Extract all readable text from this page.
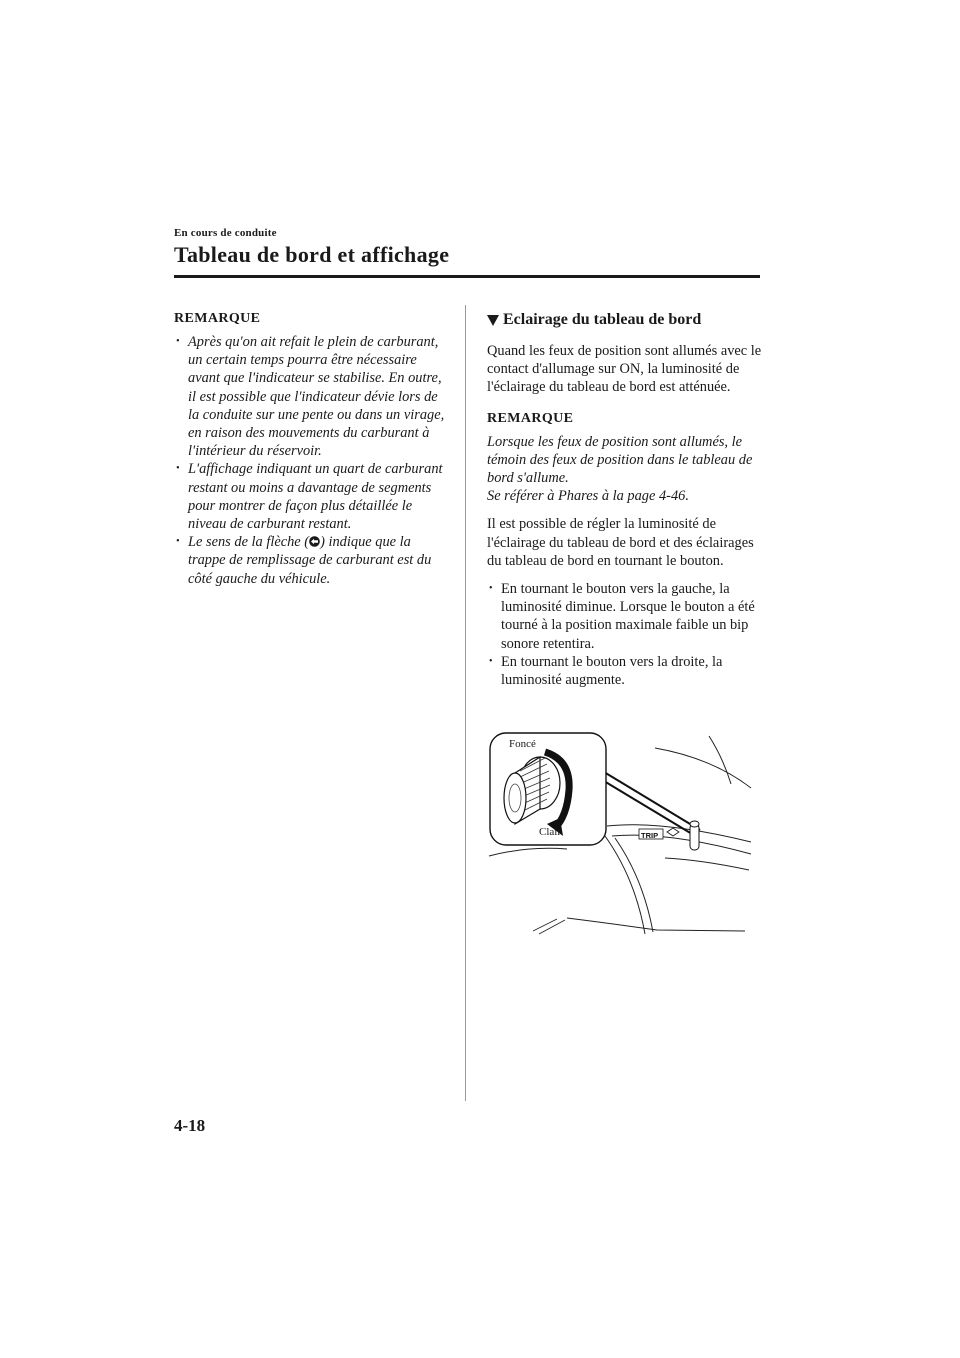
En cours de conduite
Tableau de bord et affichage
REMARQUE
• Après qu'on ait refait le plein de carburant, un certain temps pourra être nécessaire avant que l'indicateur se stabilise. En outre, il est possible que l'indicateur dévie lors de la conduite sur une pente ou dans un virage, en raison des mouvements du carburant à l'intérieur du réservoir.
• L'affichage indiquant un quart de carburant restant ou moins a davantage de segments pour montrer de façon plus détaillée le niveau de carburant restant.
• Le sens de la flèche ( ) indique que la trappe de remplissage de carburant est du côté gauche du véhicule.
Eclairage du tableau de bord

Quand les feux de position sont allumés avec le contact d'allumage sur ON, la luminosité de l'éclairage du tableau de bord est atténuée.

REMARQUE

Lorsque les feux de position sont allumés, le témoin des feux de position dans le tableau de bord s'allume.

Se référer à Phares à la page 4-46.

Il est possible de régler la luminosité de l'éclairage du tableau de bord et des éclairages du tableau de bord en tournant le bouton.

• En tournant le bouton vers la gauche, la luminosité diminue. Lorsque le bouton a été tourné à la position maximale faible un bip sonore retentira.
• En tournant le bouton vers la droite, la luminosité augmente.
TRIP
Foncé
Clair
4-18
